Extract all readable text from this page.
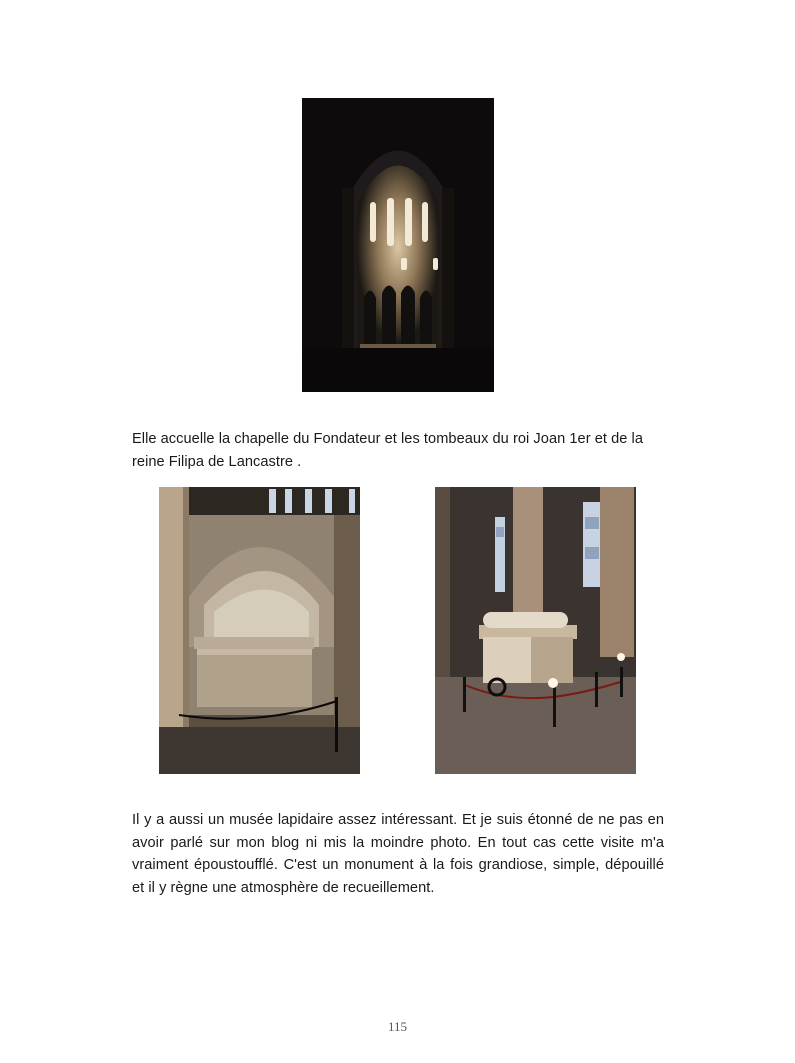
Elle accuelle la chapelle du Fondateur et les tombeaux du roi Joan 1er et de la reine Filipa de Lancastre .

Il y a aussi un musée lapidaire assez intéressant. Et je suis étonné de ne pas en avoir parlé sur mon blog ni mis la moindre photo. En tout cas cette visite m'a vraiment époustoufflé. C'est un monument à la fois grandiose, simple, dépouillé et il y règne une atmosphère de recueillement.

115
